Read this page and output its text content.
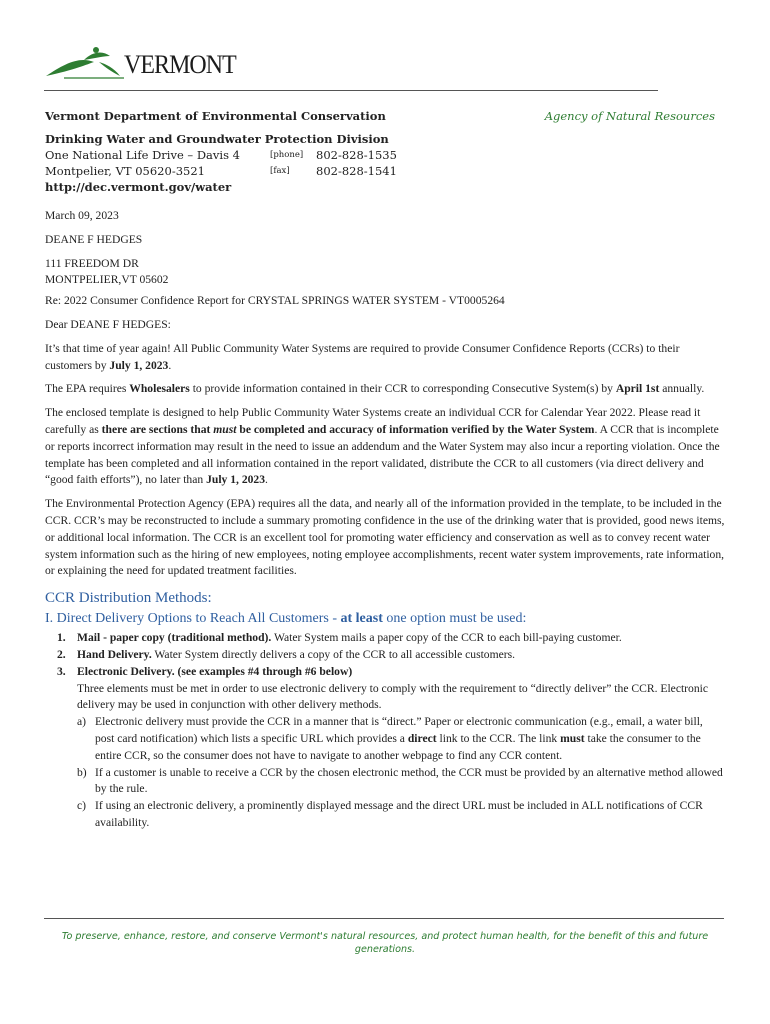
VERMONT
Vermont Department of Environmental Conservation	Agency of Natural Resources
Drinking Water and Groundwater Protection Division
One National Life Drive – Davis 4
Montpelier, VT 05620-3521
http://dec.vermont.gov/water
[phone]	802-828-1535
[fax]	802-828-1541

March 09, 2023

DEANE F HEDGES

111 FREEDOM DR
MONTPELIER,VT 05602

Re: 2022 Consumer Confidence Report for CRYSTAL SPRINGS WATER SYSTEM - VT0005264

Dear DEANE F HEDGES:

It’s that time of year again! All Public Community Water Systems are required to provide Consumer Confidence Reports (CCRs) to their customers by July 1, 2023.

The EPA requires Wholesalers to provide information contained in their CCR to corresponding Consecutive System(s) by April 1st annually.

The enclosed template is designed to help Public Community Water Systems create an individual CCR for Calendar Year 2022. Please read it carefully as there are sections that must be completed and accuracy of information verified by the Water System. A CCR that is incomplete or reports incorrect information may result in the need to issue an addendum and the Water System may also incur a reporting violation. Once the template has been completed and all information contained in the report validated, distribute the CCR to all customers (via direct delivery and “good faith efforts”), no later than July 1, 2023.

The Environmental Protection Agency (EPA) requires all the data, and nearly all of the information provided in the template, to be included in the CCR. CCR’s may be reconstructed to include a summary promoting confidence in the use of the drinking water that is provided, good news items, or additional local information. The CCR is an excellent tool for promoting water efficiency and conservation as well as to convey recent water system information such as the hiring of new employees, noting employee accomplishments, recent water system improvements, rate information, or explaining the need for updated treatment facilities.

CCR Distribution Methods:
I. Direct Delivery Options to Reach All Customers - at least one option must be used:
1. Mail - paper copy (traditional method). Water System mails a paper copy of the CCR to each bill-paying customer.
2. Hand Delivery. Water System directly delivers a copy of the CCR to all accessible customers.
3. Electronic Delivery. (see examples #4 through #6 below)
Three elements must be met in order to use electronic delivery to comply with the requirement to “directly deliver” the CCR. Electronic delivery may be used in conjunction with other delivery methods.
a) Electronic delivery must provide the CCR in a manner that is “direct.” Paper or electronic communication (e.g., email, a water bill, post card notification) which lists a specific URL which provides a direct link to the CCR. The link must take the consumer to the entire CCR, so the consumer does not have to navigate to another webpage to find any CCR content.
b) If a customer is unable to receive a CCR by the chosen electronic method, the CCR must be provided by an alternative method allowed by the rule.
c) If using an electronic delivery, a prominently displayed message and the direct URL must be included in ALL notifications of CCR availability.
To preserve, enhance, restore, and conserve Vermont's natural resources, and protect human health, for the benefit of this and future generations.
